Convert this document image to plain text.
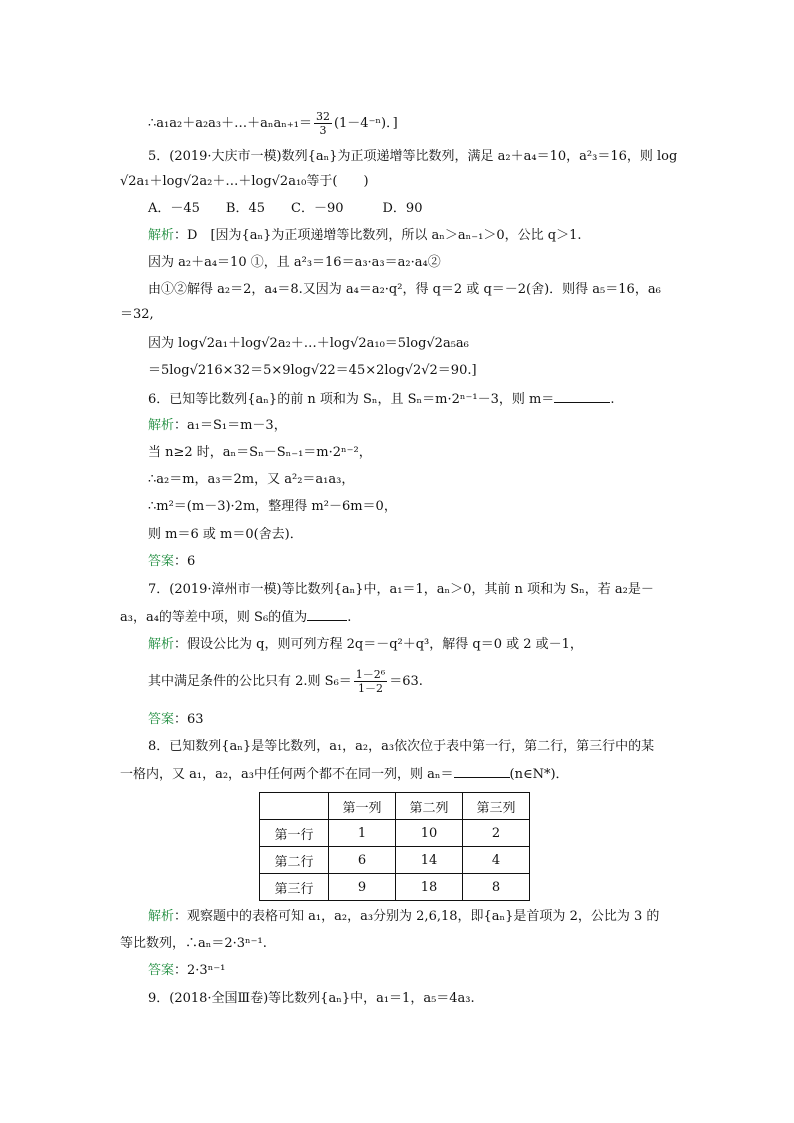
∴a₁a₂＋a₂a₃＋…＋aₙaₙ₊₁＝ $\frac{32}{3} (1-4^{-n})$．]
5．(2019·大庆市一模)数列{aₙ}为正项递增等比数列，满足 a₂＋a₄＝10，a²₃＝16，则 log
√2a₁＋log√2a₂＋…＋log√2a₁₀等于(　　)
A．－45　　B．45　　C．－90　　　D．90
解析：D　[因为{aₙ}为正项递增等比数列，所以 aₙ＞aₙ₋₁＞0，公比 q＞1.
因为 a₂＋a₄＝10 ①，且 a²₃＝16＝a₃·a₃＝a₂·a₄②
由①②解得 a₂＝2，a₄＝8.又因为 a₄＝a₂·q²，得 q＝2 或 q＝－2(舍)．则得 a₅＝16，a₆
＝32,
因为 log√2a₁＋log√2a₂＋…＋log√2a₁₀＝5log√2a₅a₆
＝5log√216×32＝5×9log√22＝45×2log√2√2＝90.]
6．已知等比数列{aₙ}的前 n 项和为 Sₙ，且 Sₙ＝m·2ⁿ⁻¹－3，则 m＝	.
解析：a₁＝S₁＝m－3，
当 n≥2 时，aₙ＝Sₙ－Sₙ₋₁＝m·2ⁿ⁻²，
∴a₂＝m，a₃＝2m，又 a²₂＝a₁a₃，
∴m²＝(m－3)·2m，整理得 m²－6m＝0，
则 m＝6 或 m＝0(舍去)．
答案：6
7．(2019·漳州市一模)等比数列{aₙ}中，a₁＝1，aₙ＞0，其前 n 项和为 Sₙ，若 a₂是－
a₃，a₄的等差中项，则 S₆的值为	.
解析：假设公比为 q，则可列方程 2q＝－q²＋q³，解得 q＝0 或 2 或－1，
其中满足条件的公比只有 2.则 $S_6= \frac{\text{1－2⁶}}{1-2} =63$.
答案：63
8．已知数列{aₙ}是等比数列，a₁，a₂，a₃依次位于表中第一行，第二行，第三行中的某
一格内，又 a₁，a₂，a₃中任何两个都不在同一列，则 aₙ＝	(n∈N*)．
	第一列	第二列	第三列
第一行	1	10	2
第二行	6	14	4
第三行	9	18	8
解析：观察题中的表格可知 a₁，a₂，a₃分别为 2,6,18，即{aₙ}是首项为 2，公比为 3 的
等比数列，∴aₙ＝2·3ⁿ⁻¹.
答案：2·3ⁿ⁻¹
9．(2018·全国Ⅲ卷)等比数列{aₙ}中，a₁＝1，a₅＝4a₃.
